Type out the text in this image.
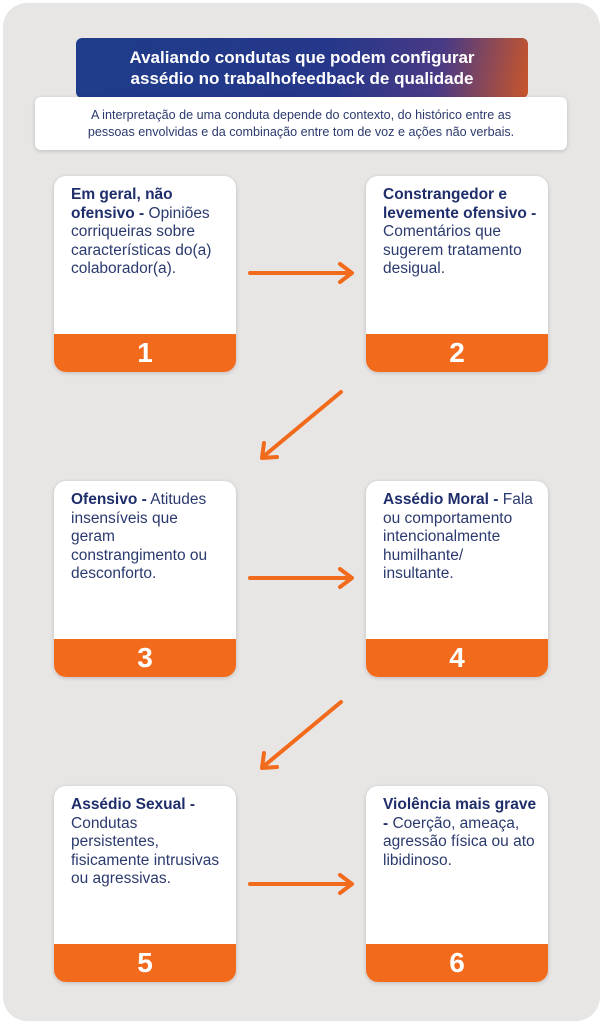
Avaliando condutas que podem configurar
assédio no trabalhofeedback de qualidade
A interpretação de uma conduta depende do contexto, do histórico entre as
pessoas envolvidas e da combinação entre tom de voz e ações não verbais.
Em geral, não ofensivo - Opiniões corriqueiras sobre características do(a) colaborador(a).
1
Constrangedor e levemente ofensivo - Comentários que sugerem tratamento desigual.
2
Ofensivo - Atitudes insensíveis que geram constrangimento ou desconforto.
3
Assédio Moral - Fala ou comportamento intencionalmente humilhante/ insultante.
4
Assédio Sexual - Condutas persistentes, fisicamente intrusivas ou agressivas.
5
Violência mais grave - Coerção, ameaça, agressão física ou ato libidinoso.
6
